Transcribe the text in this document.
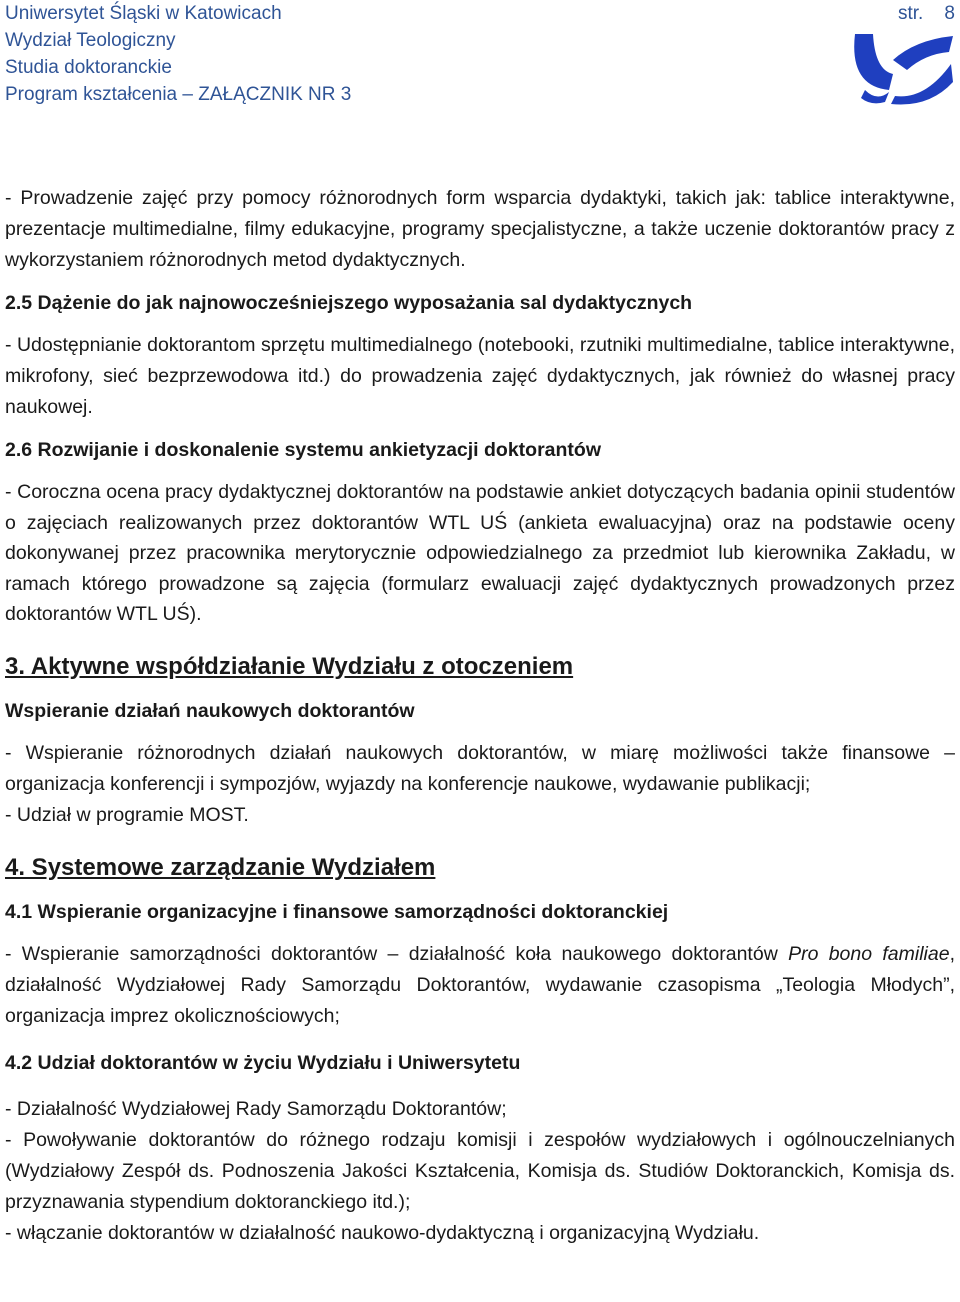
Uniwersytet Śląski w Katowicach
Wydział Teologiczny
Studia doktoranckie
Program kształcenia – ZAŁĄCZNIK NR 3
str. 8

- Prowadzenie zajęć przy pomocy różnorodnych form wsparcia dydaktyki, takich jak: tablice interaktywne, prezentacje multimedialne, filmy edukacyjne, programy specjalistyczne, a także uczenie doktorantów pracy z wykorzystaniem różnorodnych metod dydaktycznych.

2.5 Dążenie do jak najnowocześniejszego wyposażania sal dydaktycznych

- Udostępnianie doktorantom sprzętu multimedialnego (notebooki, rzutniki multimedialne, tablice interaktywne, mikrofony, sieć bezprzewodowa itd.) do prowadzenia zajęć dydaktycznych, jak również do własnej pracy naukowej.

2.6 Rozwijanie i doskonalenie systemu ankietyzacji doktorantów

- Coroczna ocena pracy dydaktycznej doktorantów na podstawie ankiet dotyczących badania opinii studentów o zajęciach realizowanych przez doktorantów WTL UŚ (ankieta ewaluacyjna) oraz na podstawie oceny dokonywanej przez pracownika merytorycznie odpowiedzialnego za przedmiot lub kierownika Zakładu, w ramach którego prowadzone są zajęcia (formularz ewaluacji zajęć dydaktycznych prowadzonych przez doktorantów WTL UŚ).

3. Aktywne współdziałanie Wydziału z otoczeniem
Wspieranie działań naukowych doktorantów

- Wspieranie różnorodnych działań naukowych doktorantów, w miarę możliwości także finansowe – organizacja konferencji i sympozjów, wyjazdy na konferencje naukowe, wydawanie publikacji;

- Udział w programie MOST.

4. Systemowe zarządzanie Wydziałem
4.1 Wspieranie organizacyjne i finansowe samorządności doktoranckiej

- Wspieranie samorządności doktorantów – działalność koła naukowego doktorantów Pro bono familiae, działalność Wydziałowej Rady Samorządu Doktorantów, wydawanie czasopisma „Teologia Młodych”, organizacja imprez okolicznościowych;

4.2 Udział doktorantów w życiu Wydziału i Uniwersytetu

- Działalność Wydziałowej Rady Samorządu Doktorantów;

- Powoływanie doktorantów do różnego rodzaju komisji i zespołów wydziałowych i ogólnouczelnianych (Wydziałowy Zespół ds. Podnoszenia Jakości Kształcenia, Komisja ds. Studiów Doktoranckich, Komisja ds. przyznawania stypendium doktoranckiego itd.);

- włączanie doktorantów w działalność naukowo-dydaktyczną i organizacyjną Wydziału.
